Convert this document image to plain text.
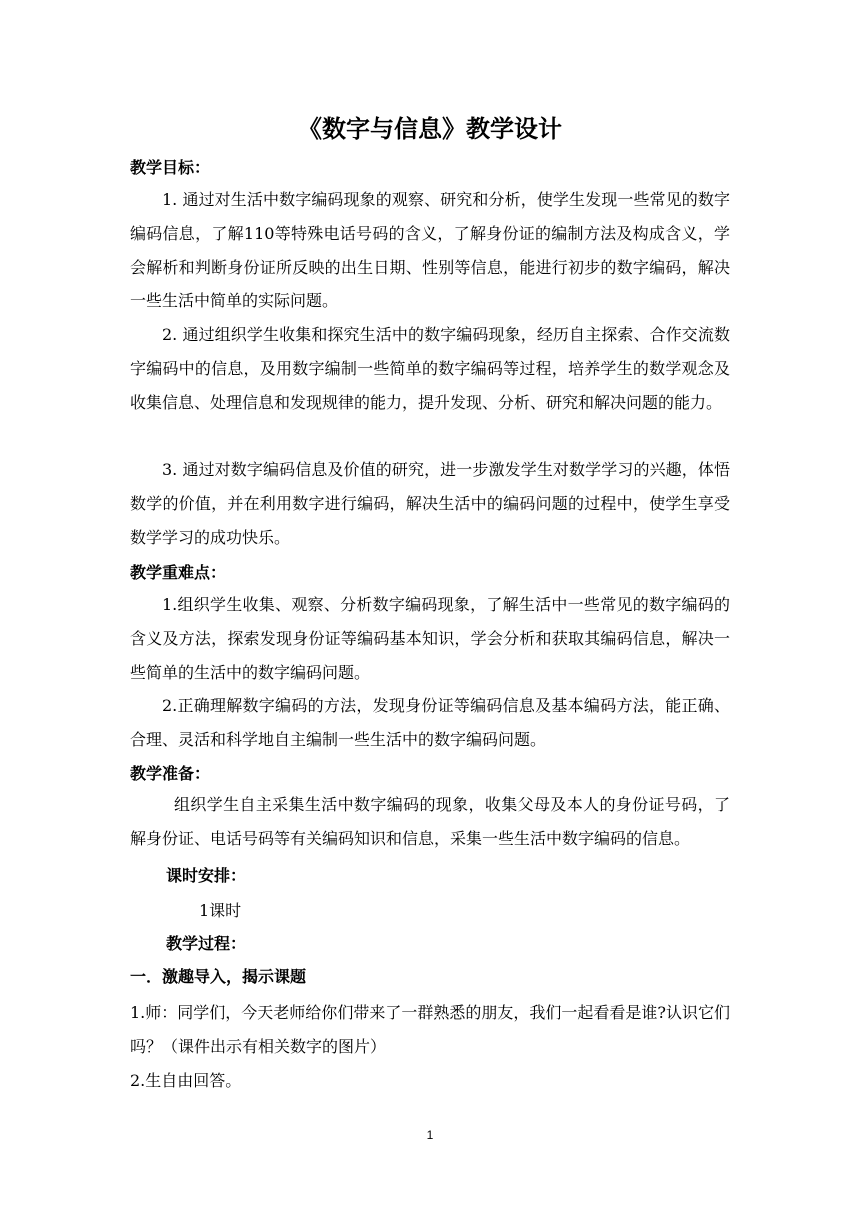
《数字与信息》教学设计
教学目标：

1. 通过对生活中数字编码现象的观察、研究和分析，使学生发现一些常见的数字编码信息，了解110等特殊电话号码的含义，了解身份证的编制方法及构成含义，学会解析和判断身份证所反映的出生日期、性别等信息，能进行初步的数字编码，解决一些生活中简单的实际问题。

2. 通过组织学生收集和探究生活中的数字编码现象，经历自主探索、合作交流数字编码中的信息，及用数字编制一些简单的数字编码等过程，培养学生的数学观念及收集信息、处理信息和发现规律的能力，提升发现、分析、研究和解决问题的能力。

3. 通过对数字编码信息及价值的研究，进一步激发学生对数学学习的兴趣，体悟数学的价值，并在利用数字进行编码，解决生活中的编码问题的过程中，使学生享受数学学习的成功快乐。

教学重难点：

1.组织学生收集、观察、分析数字编码现象，了解生活中一些常见的数字编码的含义及方法，探索发现身份证等编码基本知识，学会分析和获取其编码信息，解决一些简单的生活中的数字编码问题。

2.正确理解数字编码的方法，发现身份证等编码信息及基本编码方法，能正确、合理、灵活和科学地自主编制一些生活中的数字编码问题。

教学准备：

组织学生自主采集生活中数字编码的现象，收集父母及本人的身份证号码，了解身份证、电话号码等有关编码知识和信息，采集一些生活中数字编码的信息。

课时安排：
1课时
教学过程：
一．激趣导入，揭示课题

1.师：同学们，今天老师给你们带来了一群熟悉的朋友，我们一起看看是谁?认识它们吗？（课件出示有相关数字的图片）

2.生自由回答。

1
